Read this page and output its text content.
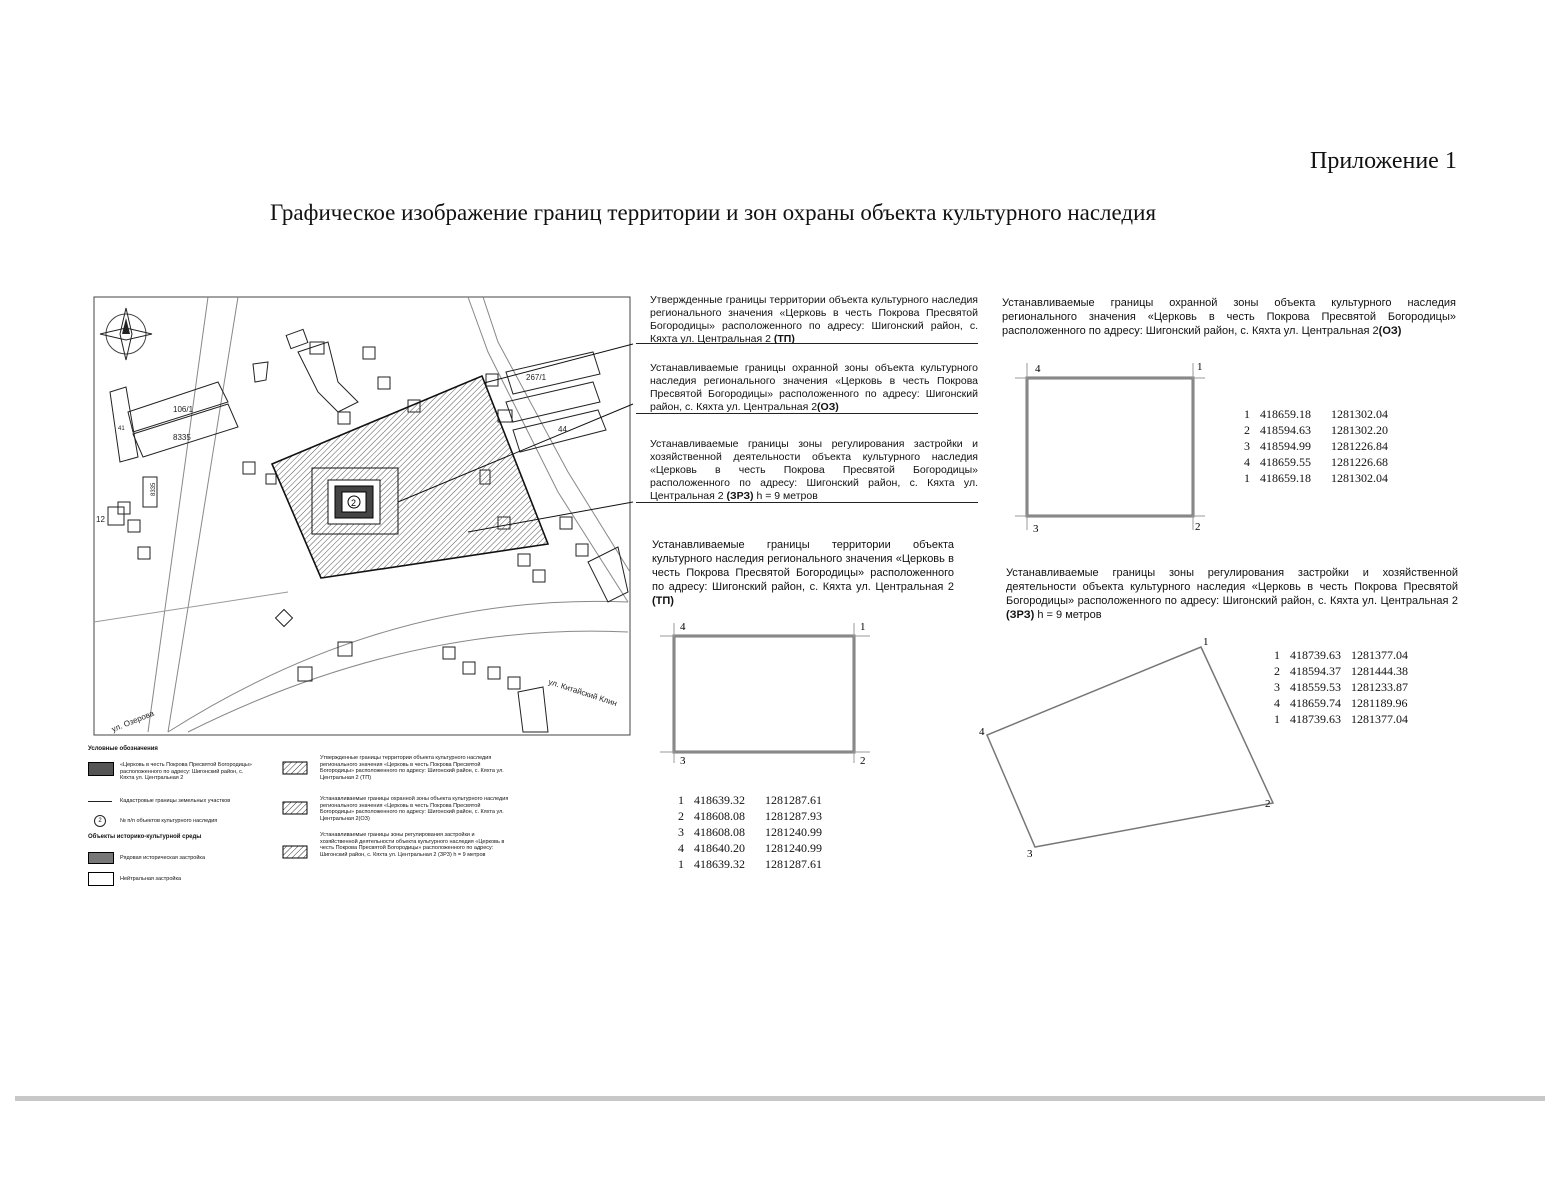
Приложение 1
Графическое изображение границ территории и зон охраны объекта культурного наследия
2
106/1
8335
8335
267/1
44
12
41
ул. Озерова
ул. Китайский Клин
Утвержденные границы территории объекта культурного наследия регионального значения «Церковь в честь Покрова Пресвятой Богородицы» расположенного по адресу: Шигонский район, с. Кяхта ул. Центральная 2 (ТП)
Устанавливаемые границы охранной зоны объекта культурного наследия регионального значения «Церковь в честь Покрова Пресвятой Богородицы» расположенного по адресу: Шигонский район, с. Кяхта ул. Центральная 2(ОЗ)
Устанавливаемые границы зоны регулирования застройки и хозяйственной деятельности объекта культурного наследия «Церковь в честь Покрова Пресвятой Богородицы» расположенного по адресу: Шигонский район, с. Кяхта ул. Центральная 2 (ЗРЗ) h = 9 метров
Устанавливаемые границы территории объекта культурного наследия регионального значения «Церковь в честь Покрова Пресвятой Богородицы» расположенного по адресу: Шигонский район, с. Кяхта ул. Центральная 2 (ТП)
4	1
2
3
1	418639.32	1281287.61
2	418608.08	1281287.93
3	418608.08	1281240.99
4	418640.20	1281240.99
1	418639.32	1281287.61
Устанавливаемые границы охранной зоны объекта культурного наследия регионального значения «Церковь в честь Покрова Пресвятой Богородицы» расположенного по адресу: Шигонский район, с. Кяхта ул. Центральная 2(ОЗ)
4	1
2
3
1	418659.18	1281302.04
2	418594.63	1281302.20
3	418594.99	1281226.84
4	418659.55	1281226.68
1	418659.18	1281302.04
Устанавливаемые границы зоны регулирования застройки и хозяйственной деятельности объекта культурного наследия «Церковь в честь Покрова Пресвятой Богородицы» расположенного по адресу: Шигонский район, с. Кяхта ул. Центральная 2 (ЗРЗ) h = 9 метров
1
2
3
4
1	418739.63	1281377.04
2	418594.37	1281444.38
3	418559.53	1281233.87
4	418659.74	1281189.96
1	418739.63	1281377.04
Условные обозначения
«Церковь в честь Покрова Пресвятой Богородицы» расположенного по адресу: Шигонский район, с. Кяхта ул. Центральная 2
Кадастровые границы земельных участков
2	№ п/п объектов культурного наследия
Объекты историко-культурной среды
Рядовая историческая застройка
Нейтральная застройка
Утвержденные границы территории объекта культурного наследия регионального значения «Церковь в честь Покрова Пресвятой Богородицы» расположенного по адресу: Шигонский район, с. Кяхта ул. Центральная 2 (ТП)
Устанавливаемые границы охранной зоны объекта культурного наследия регионального значения «Церковь в честь Покрова Пресвятой Богородицы» расположенного по адресу: Шигонский район, с. Кяхта ул. Центральная 2(ОЗ)
Устанавливаемые границы зоны регулирования застройки и хозяйственной деятельности объекта культурного наследия «Церковь в честь Покрова Пресвятой Богородицы» расположенного по адресу: Шигонский район, с. Кяхта ул. Центральная 2 (ЗРЗ) h = 9 метров
